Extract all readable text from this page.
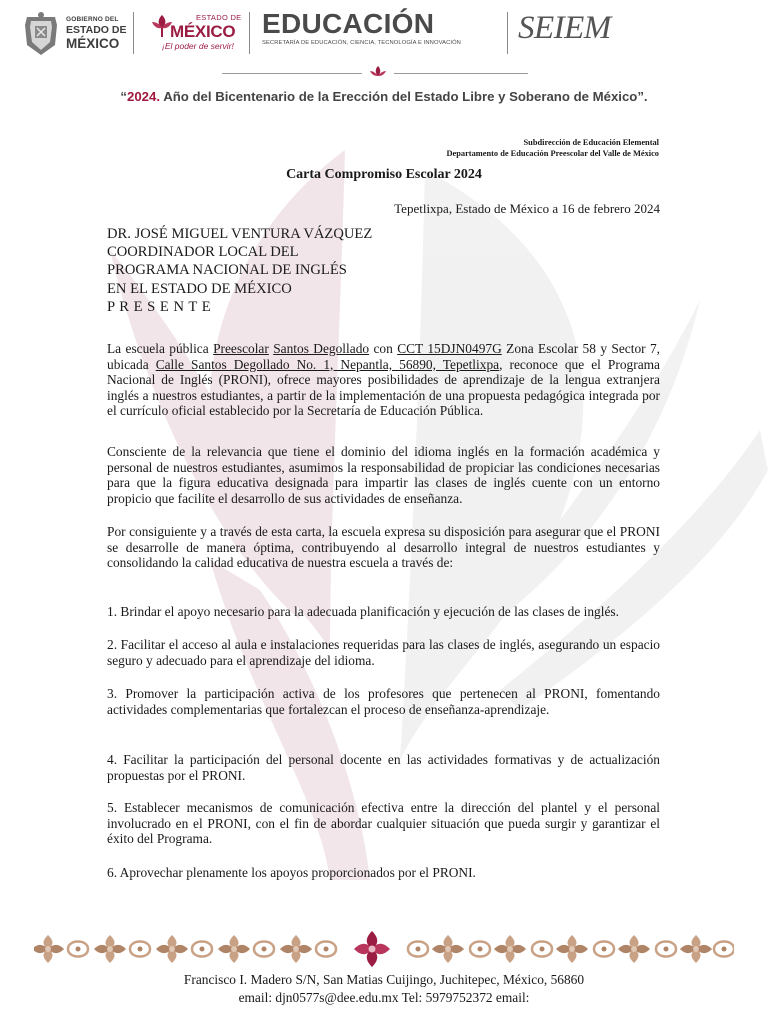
GOBIERNO DEL
ESTADO DE
MÉXICO
ESTADO DE
MÉXICO
¡El poder de servir!
EDUCACIÓN
SECRETARÍA DE EDUCACIÓN, CIENCIA, TECNOLOGÍA E INNOVACIÓN SEIEM
“2024. Año del Bicentenario de la Erección del Estado Libre y Soberano de México”.
Subdirección de Educación Elemental
Departamento de Educación Preescolar del Valle de México
Carta Compromiso Escolar 2024
Tepetlixpa, Estado de México a 16 de febrero 2024
DR. JOSÉ MIGUEL VENTURA VÁZQUEZ
COORDINADOR LOCAL DEL
PROGRAMA NACIONAL DE INGLÉS
EN EL ESTADO DE MÉXICO
P R E S E N T E
La escuela pública Preescolar Santos Degollado con CCT 15DJN0497G Zona Escolar 58 y Sector 7, ubicada Calle Santos Degollado No. 1, Nepantla, 56890, Tepetlixpa, reconoce que el Programa Nacional de Inglés (PRONI), ofrece mayores posibilidades de aprendizaje de la lengua extranjera inglés a nuestros estudiantes, a partir de la implementación de una propuesta pedagógica integrada por el currículo oficial establecido por la Secretaría de Educación Pública.
Consciente de la relevancia que tiene el dominio del idioma inglés en la formación académica y personal de nuestros estudiantes, asumimos la responsabilidad de propiciar las condiciones necesarias para que la figura educativa designada para impartir las clases de inglés cuente con un entorno propicio que facilite el desarrollo de sus actividades de enseñanza.
Por consiguiente y a través de esta carta, la escuela expresa su disposición para asegurar que el PRONI se desarrolle de manera óptima, contribuyendo al desarrollo integral de nuestros estudiantes y consolidando la calidad educativa de nuestra escuela a través de:
1. Brindar el apoyo necesario para la adecuada planificación y ejecución de las clases de inglés.
2. Facilitar el acceso al aula e instalaciones requeridas para las clases de inglés, asegurando un espacio seguro y adecuado para el aprendizaje del idioma.
3. Promover la participación activa de los profesores que pertenecen al PRONI, fomentando actividades complementarias que fortalezcan el proceso de enseñanza-aprendizaje.
4. Facilitar la participación del personal docente en las actividades formativas y de actualización propuestas por el PRONI.
5. Establecer mecanismos de comunicación efectiva entre la dirección del plantel y el personal involucrado en el PRONI, con el fin de abordar cualquier situación que pueda surgir y garantizar el éxito del Programa.
6. Aprovechar plenamente los apoyos proporcionados por el PRONI.
Francisco I. Madero S/N, San Matias Cuijingo, Juchitepec, México, 56860
email: djn0577s@dee.edu.mx Tel: 5979752372 email:
